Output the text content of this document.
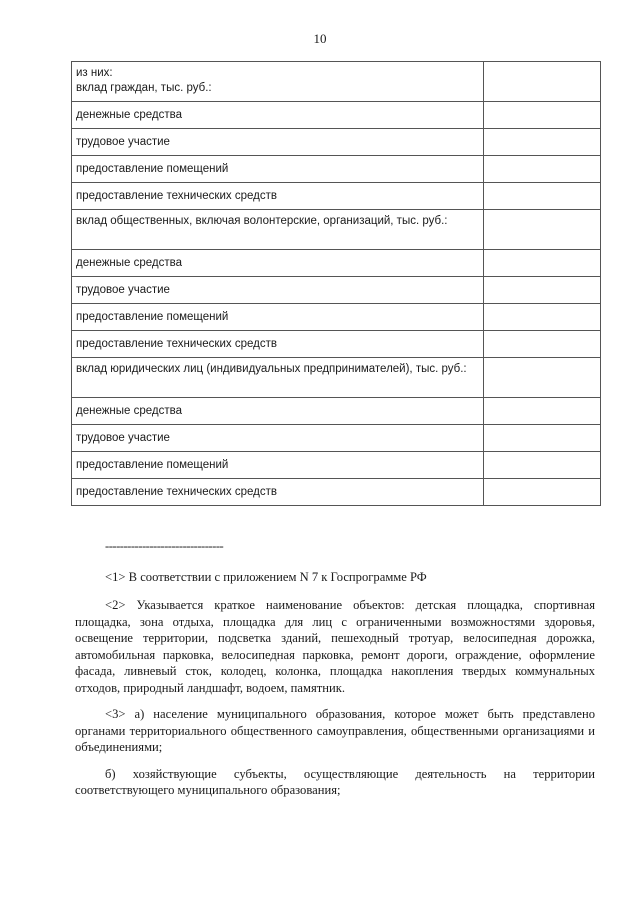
10
из них:
вклад граждан, тыс. руб.:	
денежные средства	
трудовое участие	
предоставление помещений	
предоставление технических средств	
вклад общественных, включая волонтерские, организаций, тыс. руб.:	
денежные средства	
трудовое участие	
предоставление помещений	
предоставление технических средств	
вклад юридических лиц (индивидуальных предпринимателей), тыс. руб.:	
денежные средства	
трудовое участие	
предоставление помещений	
предоставление технических средств	
--------------------------------

<1> В соответствии с приложением N 7 к Госпрограмме РФ

<2> Указывается краткое наименование объектов: детская площадка, спортивная площадка, зона отдыха, площадка для лиц с ограниченными возможностями здоровья, освещение территории, подсветка зданий, пешеходный тротуар, велосипедная дорожка, автомобильная парковка, велосипедная парковка, ремонт дороги, ограждение, оформление фасада, ливневый сток, колодец, колонка, площадка накопления твердых коммунальных отходов, природный ландшафт, водоем, памятник.

<3> а) население муниципального образования, которое может быть представлено органами территориального общественного самоуправления, общественными организациями и объединениями;

б) хозяйствующие субъекты, осуществляющие деятельность на территории соответствующего муниципального образования;
